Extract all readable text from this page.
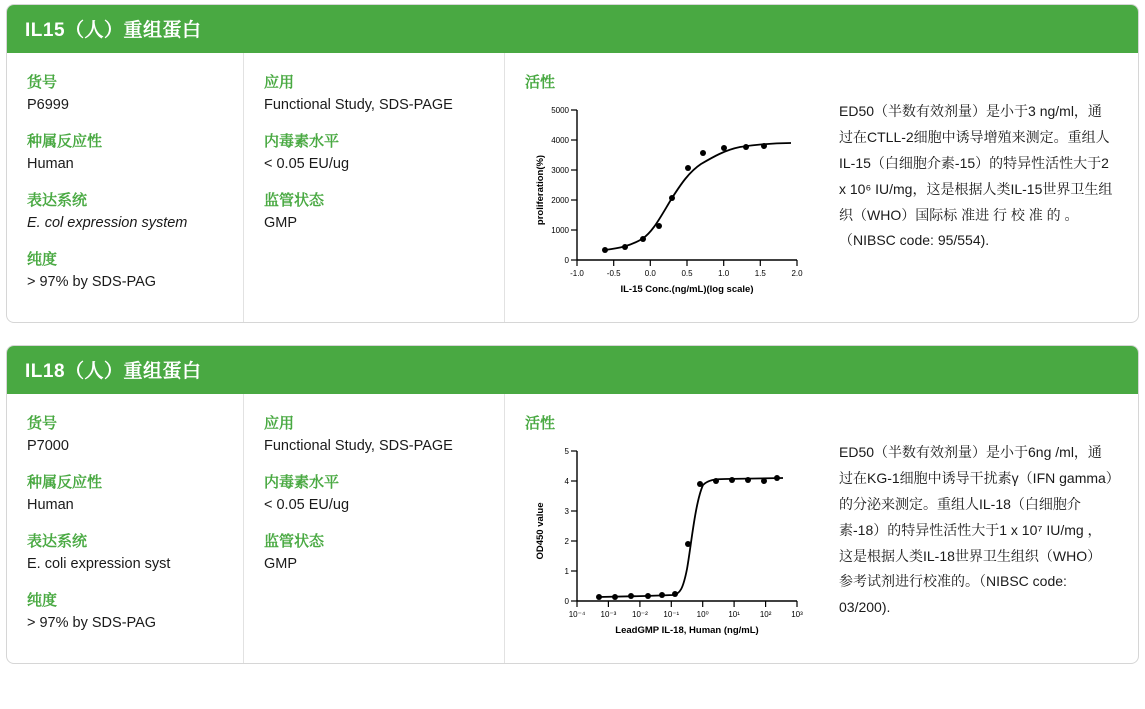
IL15（人）重组蛋白
货号
P6999
种属反应性
Human
表达系统
E. col expression system
纯度
> 97% by SDS-PAG
应用
Functional Study, SDS-PAGE
内毒素水平
< 0.05 EU/ug
监管状态
GMP
活性
0
1000
2000
3000
4000
5000
-1.0	-0.5	0.0	0.5	1.0	1.5	2.0
IL-15 Conc.(ng/mL)(log scale)
proliferation(%)
ED50（半数有效剂量）是小于3 ng/ml，通过在CTLL-2细胞中诱导增殖来测定。重组人IL-15（白细胞介素-15）的特异性活性大于2 x 10⁶ IU/mg，这是根据人类IL-15世界卫生组织（WHO）国际标 准进 行 校 准 的 。（NIBSC code: 95/554).
IL18（人）重组蛋白
货号
P7000
种属反应性
Human
表达系统
E. coli expression syst
纯度
> 97% by SDS-PAG
应用
Functional Study, SDS-PAGE
内毒素水平
< 0.05 EU/ug
监管状态
GMP
活性
0
1
2
3
4
5
10⁻⁴ 10⁻³ 10⁻² 10⁻¹ 10⁰ 10¹ 10² 10³
LeadGMP IL-18, Human (ng/mL)
OD450 value
ED50（半数有效剂量）是小于6ng /ml，通过在KG-1细胞中诱导干扰素γ（IFN gamma）的分泌来测定。重组人IL-18（白细胞介素-18）的特异性活性大于1 x 10⁷ IU/mg ，这是根据人类IL-18世界卫生组织（WHO）参考试剂进行校准的。（NIBSC code: 03/200).
